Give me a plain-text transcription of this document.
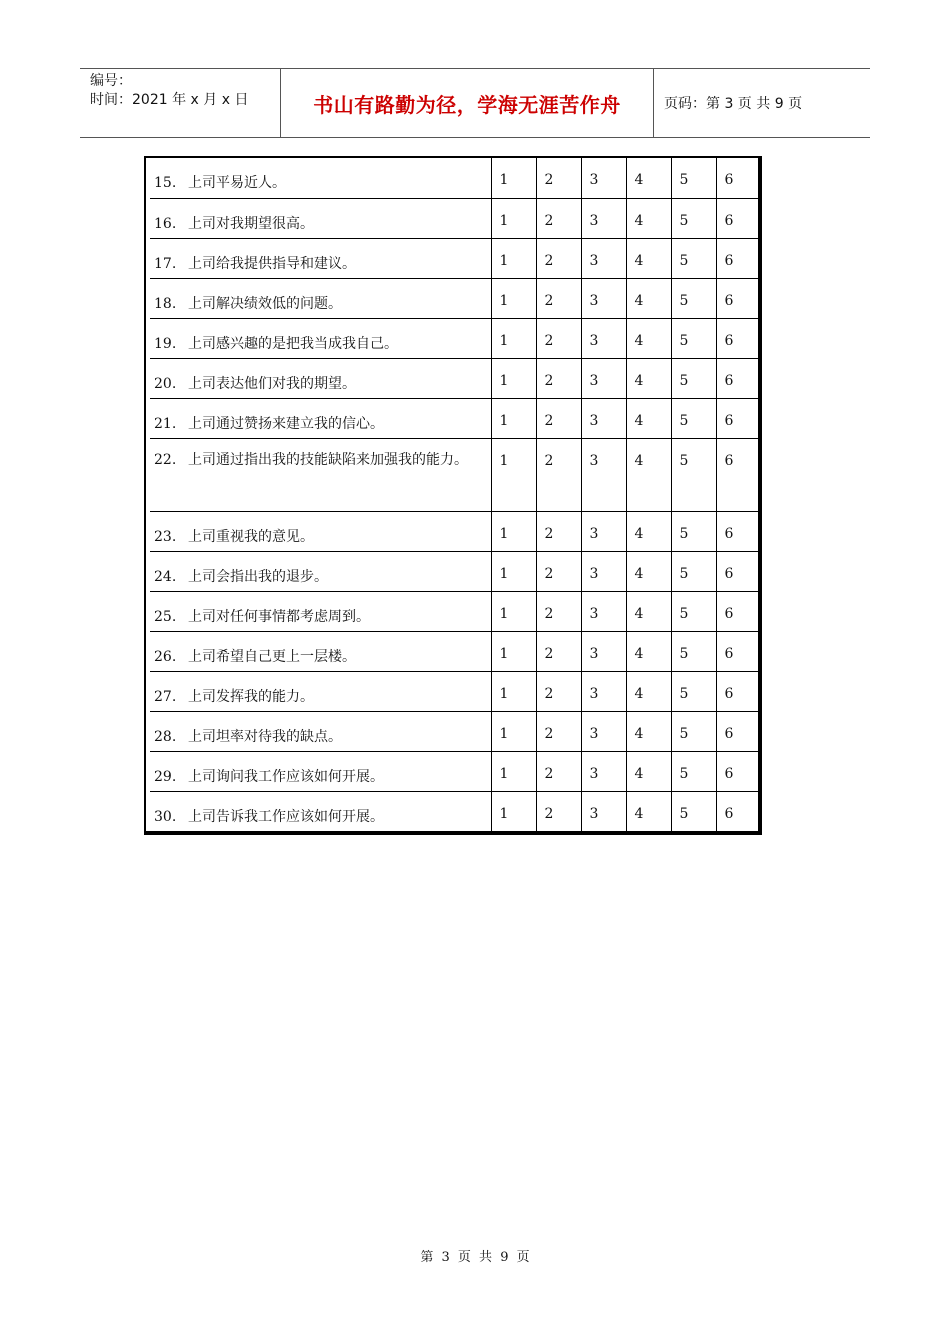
编号：
时间：2021 年 x 月 x 日	书山有路勤为径，学海无涯苦作舟	页码：第 3 页 共 9 页
15. 上司平易近人。	1	2	3	4	5	6
16. 上司对我期望很高。	1	2	3	4	5	6
17. 上司给我提供指导和建议。	1	2	3	4	5	6
18. 上司解决绩效低的问题。	1	2	3	4	5	6
19. 上司感兴趣的是把我当成我自己。	1	2	3	4	5	6
20. 上司表达他们对我的期望。	1	2	3	4	5	6
21. 上司通过赞扬来建立我的信心。	1	2	3	4	5	6
22. 上司通过指出我的技能缺陷来加强我的能力。	1	2	3	4	5	6
23. 上司重视我的意见。	1	2	3	4	5	6
24. 上司会指出我的退步。	1	2	3	4	5	6
25. 上司对任何事情都考虑周到。	1	2	3	4	5	6
26. 上司希望自己更上一层楼。	1	2	3	4	5	6
27. 上司发挥我的能力。	1	2	3	4	5	6
28. 上司坦率对待我的缺点。	1	2	3	4	5	6
29. 上司询问我工作应该如何开展。	1	2	3	4	5	6
30. 上司告诉我工作应该如何开展。	1	2	3	4	5	6
第 3 页 共 9 页
